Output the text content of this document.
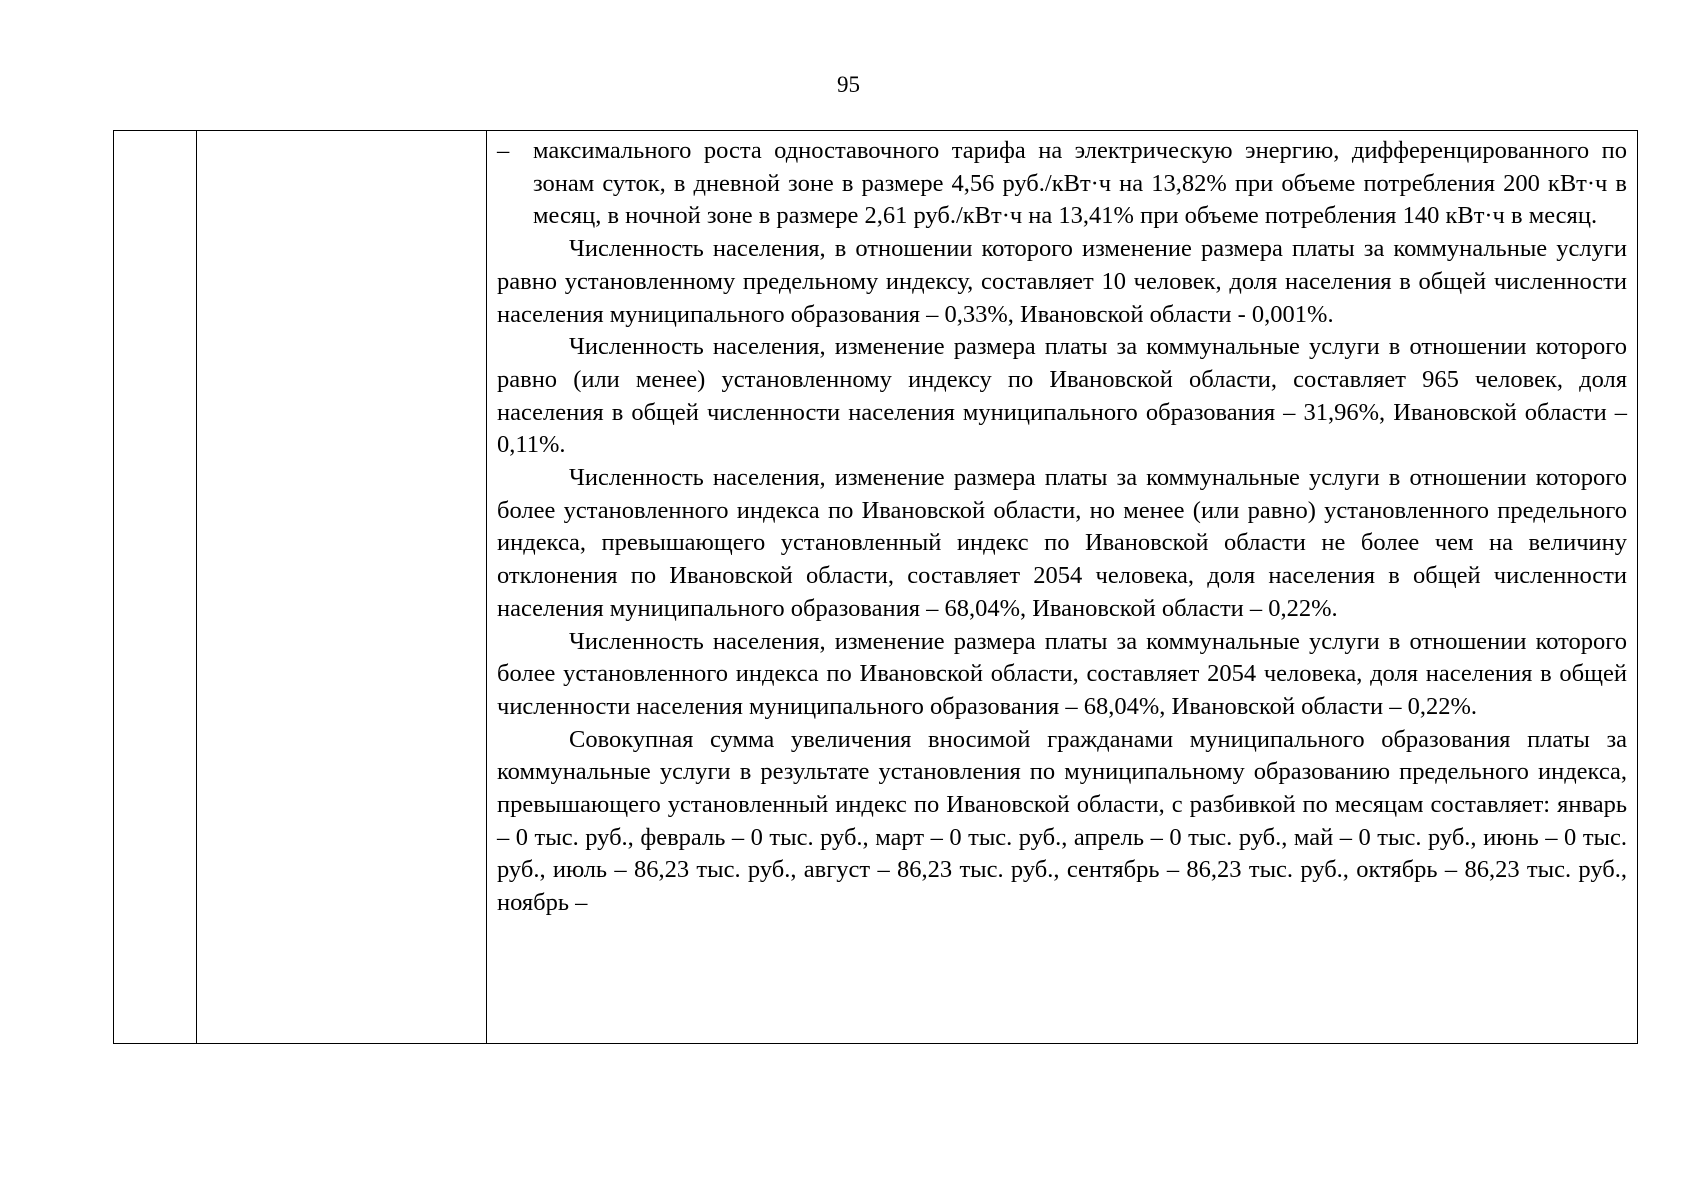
95
– максимального роста одноставочного тарифа на электрическую энергию, дифференцированного по зонам суток, в дневной зоне в размере 4,56 руб./кВт·ч на 13,82% при объеме потребления 200 кВт·ч в месяц, в ночной зоне в размере 2,61 руб./кВт·ч на 13,41% при объеме потребления 140 кВт·ч в месяц.

Численность населения, в отношении которого изменение размера платы за коммунальные услуги равно установленному предельному индексу, составляет 10 человек, доля населения в общей численности населения муниципального образования – 0,33%, Ивановской области - 0,001%.

Численность населения, изменение размера платы за коммунальные услуги в отношении которого равно (или менее) установленному индексу по Ивановской области, составляет 965 человек, доля населения в общей численности населения муниципального образования – 31,96%, Ивановской области – 0,11%.

Численность населения, изменение размера платы за коммунальные услуги в отношении которого более установленного индекса по Ивановской области, но менее (или равно) установленного предельного индекса, превышающего установленный индекс по Ивановской области не более чем на величину отклонения по Ивановской области, составляет 2054 человека, доля населения в общей численности населения муниципального образования – 68,04%, Ивановской области – 0,22%.

Численность населения, изменение размера платы за коммунальные услуги в отношении которого более установленного индекса по Ивановской области, составляет 2054 человека, доля населения в общей численности населения муниципального образования – 68,04%, Ивановской области – 0,22%.

Совокупная сумма увеличения вносимой гражданами муниципального образования платы за коммунальные услуги в результате установления по муниципальному образованию предельного индекса, превышающего установленный индекс по Ивановской области, с разбивкой по месяцам составляет: январь – 0 тыс. руб., февраль – 0 тыс. руб., март – 0 тыс. руб., апрель – 0 тыс. руб., май – 0 тыс. руб., июнь – 0 тыс. руб., июль – 86,23 тыс. руб., август – 86,23 тыс. руб., сентябрь – 86,23 тыс. руб., октябрь – 86,23 тыс. руб., ноябрь –
